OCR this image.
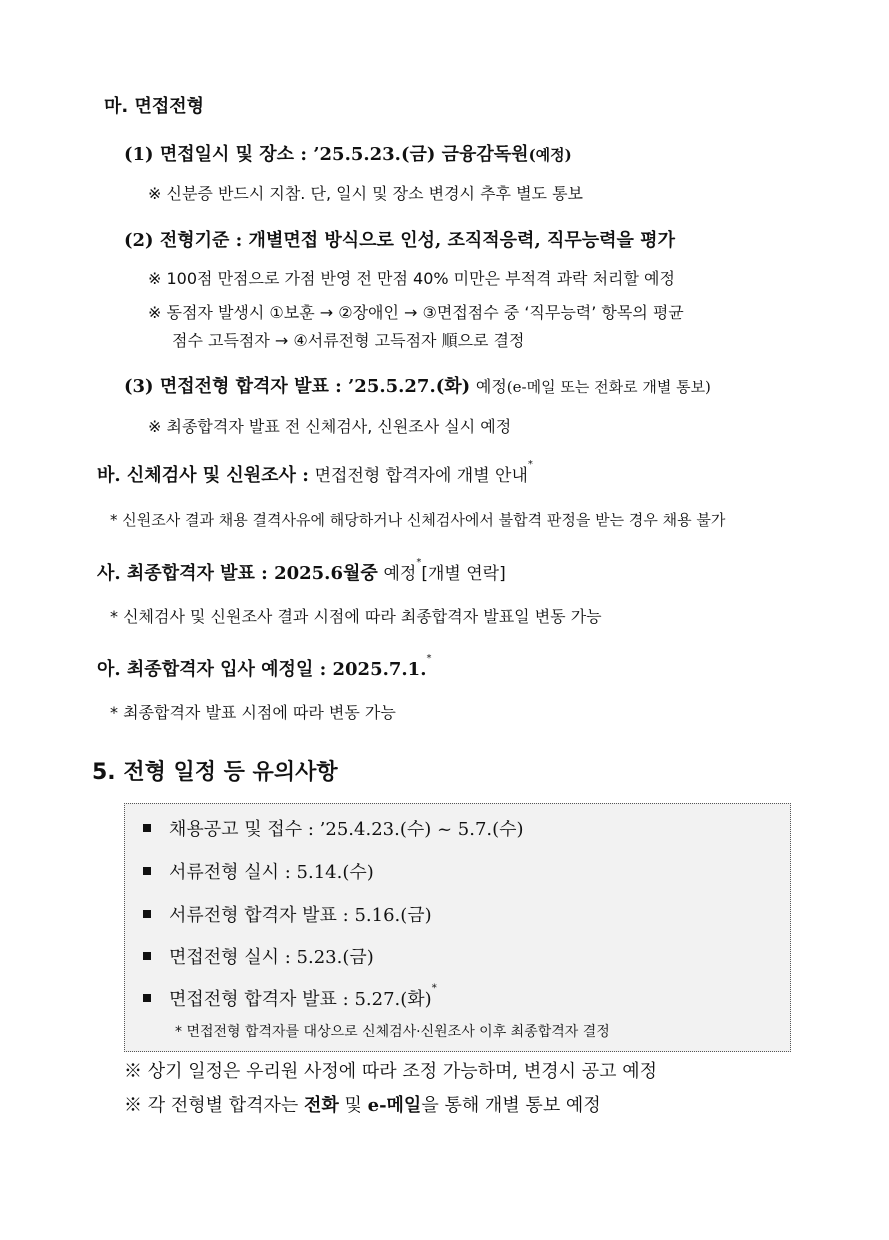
마. 면접전형
(1) 면접일시 및 장소 : ’25.5.23.(금) 금융감독원(예정)
※ 신분증 반드시 지참. 단, 일시 및 장소 변경시 추후 별도 통보
(2) 전형기준 : 개별면접 방식으로 인성, 조직적응력, 직무능력을 평가
※ 100점 만점으로 가점 반영 전 만점 40% 미만은 부적격 과락 처리할 예정
※ 동점자 발생시 ①보훈 → ②장애인 → ③면접점수 중 ‘직무능력’ 항목의 평균
점수 고득점자 → ④서류전형 고득점자 順으로 결정
(3) 면접전형 합격자 발표 : ’25.5.27.(화) 예정(e-메일 또는 전화로 개별 통보)
※ 최종합격자 발표 전 신체검사, 신원조사 실시 예정
바. 신체검사 및 신원조사 : 면접전형 합격자에 개별 안내*
* 신원조사 결과 채용 결격사유에 해당하거나 신체검사에서 불합격 판정을 받는 경우 채용 불가
사. 최종합격자 발표 : 2025.6월중 예정*[개별 연락]
* 신체검사 및 신원조사 결과 시점에 따라 최종합격자 발표일 변동 가능
아. 최종합격자 입사 예정일 : 2025.7.1.*
* 최종합격자 발표 시점에 따라 변동 가능
5. 전형 일정 등 유의사항
채용공고 및 접수 : ’25.4.23.(수) ~ 5.7.(수)
서류전형 실시 : 5.14.(수)
서류전형 합격자 발표 : 5.16.(금)
면접전형 실시 : 5.23.(금)
면접전형 합격자 발표 : 5.27.(화)*
* 면접전형 합격자를 대상으로 신체검사·신원조사 이후 최종합격자 결정
※ 상기 일정은 우리원 사정에 따라 조정 가능하며, 변경시 공고 예정
※ 각 전형별 합격자는 전화 및 e-메일을 통해 개별 통보 예정
